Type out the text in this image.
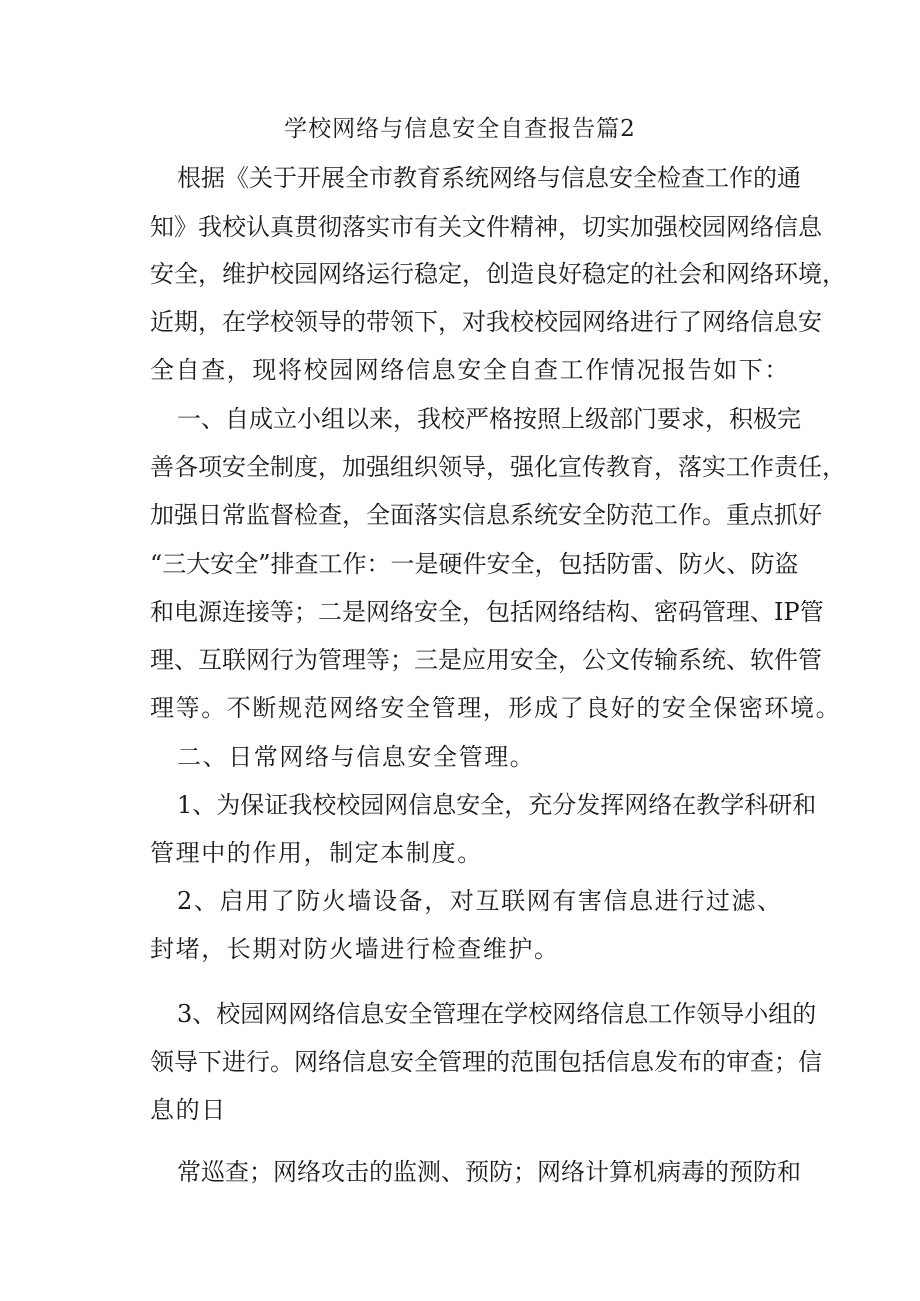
学校网络与信息安全自查报告篇2
根据《关于开展全市教育系统网络与信息安全检查工作的通
知》我校认真贯彻落实市有关文件精神，切实加强校园网络信息
安全，维护校园网络运行稳定，创造良好稳定的社会和网络环境，
近期，在学校领导的带领下，对我校校园网络进行了网络信息安
全自查，现将校园网络信息安全自查工作情况报告如下：
一、自成立小组以来，我校严格按照上级部门要求，积极完
善各项安全制度，加强组织领导，强化宣传教育，落实工作责任，
加强日常监督检查，全面落实信息系统安全防范工作。重点抓好
“三大安全”排查工作：一是硬件安全，包括防雷、防火、防盗
和电源连接等；二是网络安全，包括网络结构、密码管理、IP管
理、互联网行为管理等；三是应用安全，公文传输系统、软件管
理等。不断规范网络安全管理，形成了良好的安全保密环境。
二、日常网络与信息安全管理。
1、为保证我校校园网信息安全，充分发挥网络在教学科研和
管理中的作用，制定本制度。
2、启用了防火墙设备，对互联网有害信息进行过滤、
封堵，长期对防火墙进行检查维护。
3、校园网网络信息安全管理在学校网络信息工作领导小组的
领导下进行。网络信息安全管理的范围包括信息发布的审查；信
息的日
常巡查；网络攻击的监测、预防；网络计算机病毒的预防和
